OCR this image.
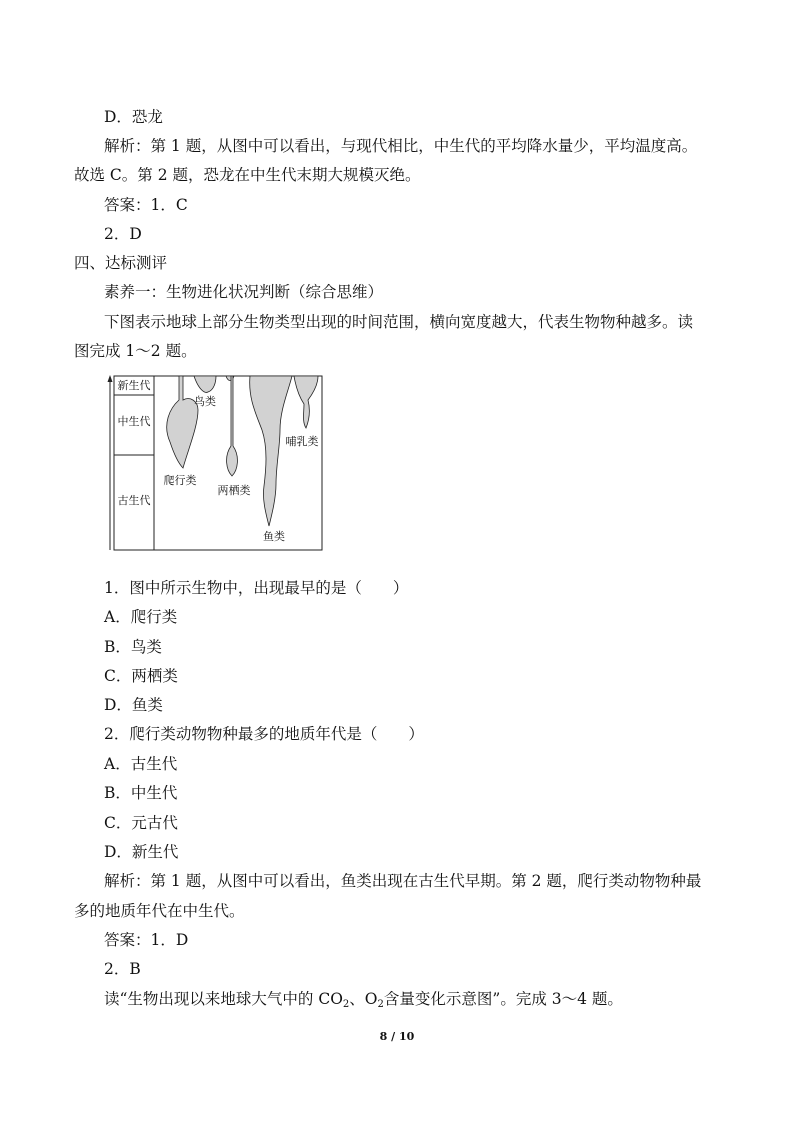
D．恐龙
解析：第 1 题，从图中可以看出，与现代相比，中生代的平均降水量少，平均温度高。
故选 C。第 2 题，恐龙在中生代末期大规模灭绝。
答案：1．C
2．D
四、达标测评
素养一：生物进化状况判断（综合思维）
下图表示地球上部分生物类型出现的时间范围，横向宽度越大，代表生物物种越多。读
图完成 1～2 题。
新生代
中生代
古生代
鸟类
爬行类
两栖类
哺乳类
鱼类
1．图中所示生物中，出现最早的是（　　）
A．爬行类
B．鸟类
C．两栖类
D．鱼类
2．爬行类动物物种最多的地质年代是（　　）
A．古生代
B．中生代
C．元古代
D．新生代
解析：第 1 题，从图中可以看出，鱼类出现在古生代早期。第 2 题，爬行类动物物种最
多的地质年代在中生代。
答案：1．D
2．B
读“生物出现以来地球大气中的 $CO_2$、$O_2$含量变化示意图”。完成 3～4 题。
8 / 10
